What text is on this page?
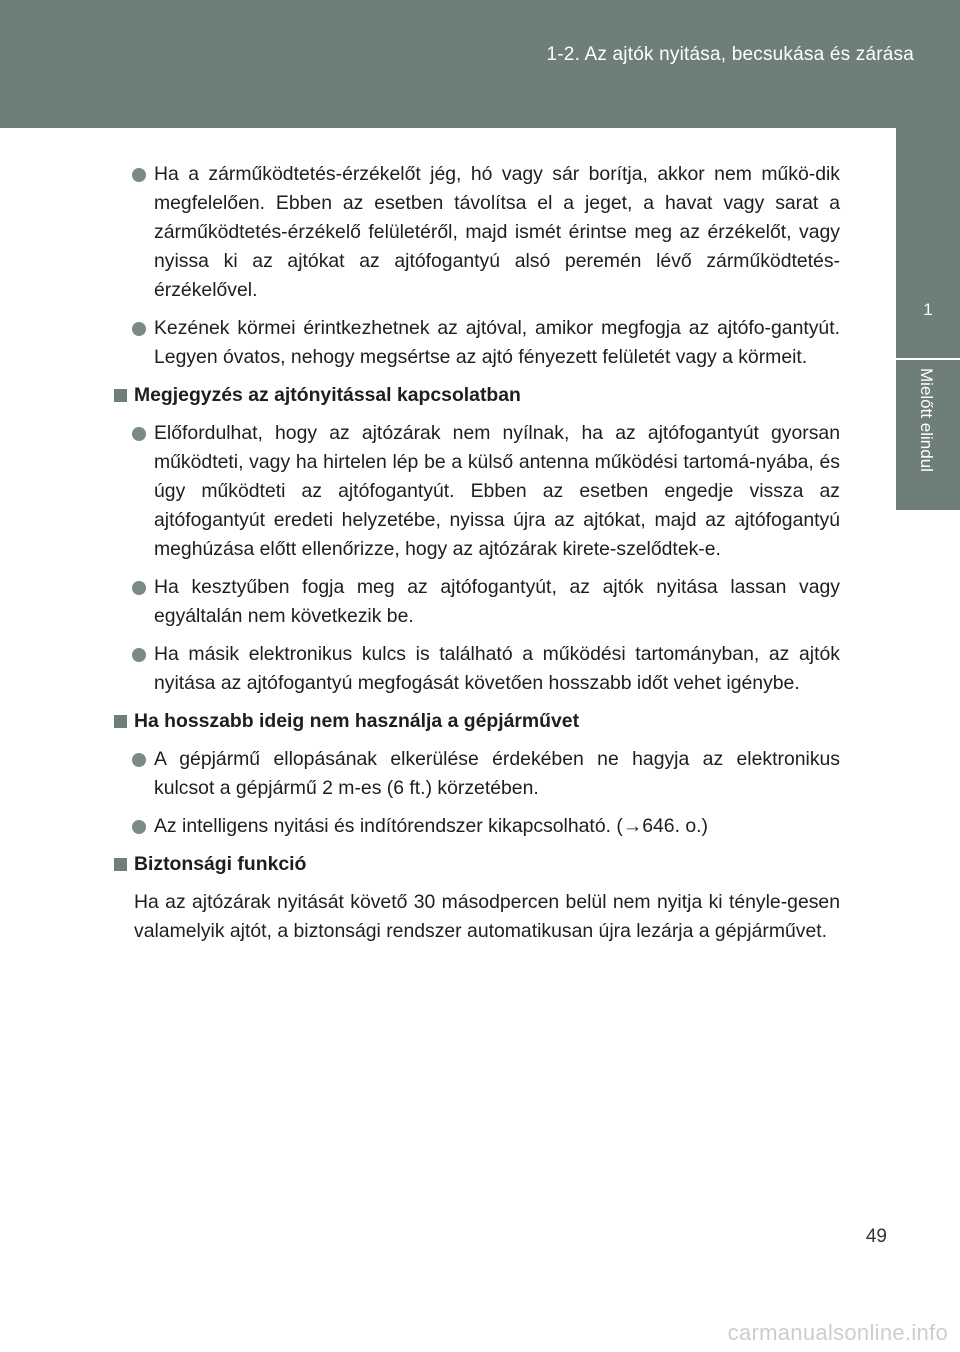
1-2. Az ajtók nyitása, becsukása és zárása
1
Mielőtt elindul
Ha a zárműködtetés-érzékelőt jég, hó vagy sár borítja, akkor nem műkö-dik megfelelően. Ebben az esetben távolítsa el a jeget, a havat vagy sarat a zárműködtetés-érzékelő felületéről, majd ismét érintse meg az érzékelőt, vagy nyissa ki az ajtókat az ajtófogantyú alsó peremén lévő zárműködtetés-érzékelővel.
Kezének körmei érintkezhetnek az ajtóval, amikor megfogja az ajtófo-gantyút. Legyen óvatos, nehogy megsértse az ajtó fényezett felületét vagy a körmeit.
Megjegyzés az ajtónyitással kapcsolatban
Előfordulhat, hogy az ajtózárak nem nyílnak, ha az ajtófogantyút gyorsan működteti, vagy ha hirtelen lép be a külső antenna működési tartomá-nyába, és úgy működteti az ajtófogantyút. Ebben az esetben engedje vissza az ajtófogantyút eredeti helyzetébe, nyissa újra az ajtókat, majd az ajtófogantyú meghúzása előtt ellenőrizze, hogy az ajtózárak kirete-szelődtek-e.
Ha kesztyűben fogja meg az ajtófogantyút, az ajtók nyitása lassan vagy egyáltalán nem következik be.
Ha másik elektronikus kulcs is található a működési tartományban, az ajtók nyitása az ajtófogantyú megfogását követően hosszabb időt vehet igénybe.
Ha hosszabb ideig nem használja a gépjárművet
A gépjármű ellopásának elkerülése érdekében ne hagyja az elektronikus kulcsot a gépjármű 2 m-es (6 ft.) körzetében.
Az intelligens nyitási és indítórendszer kikapcsolható. (→646. o.)
Biztonsági funkció
Ha az ajtózárak nyitását követő 30 másodpercen belül nem nyitja ki tényle-gesen valamelyik ajtót, a biztonsági rendszer automatikusan újra lezárja a gépjárművet.
49
carmanualsonline.info
